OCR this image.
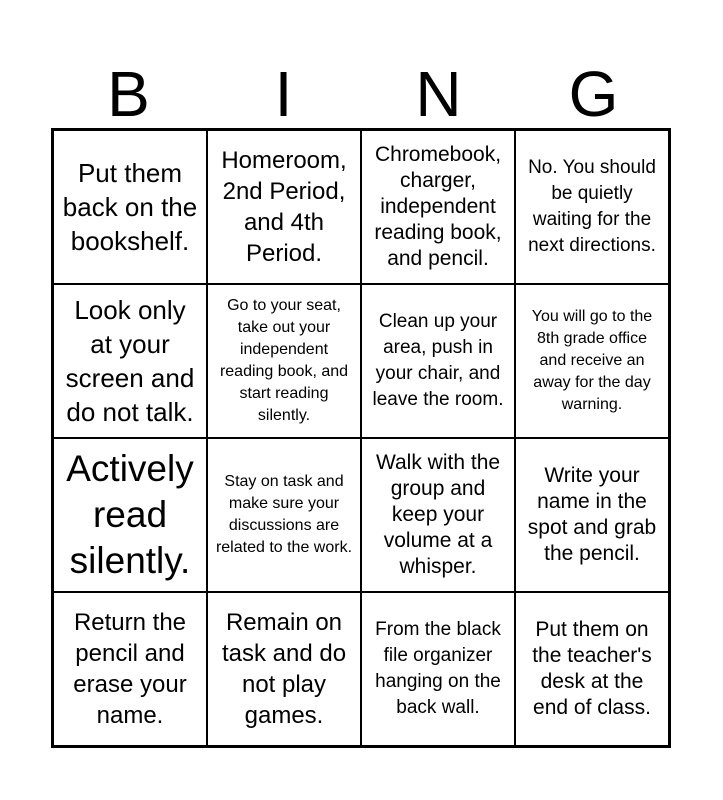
B	I	N	G
Put them back on the bookshelf.
Homeroom, 2nd Period, and 4th Period.
Chromebook, charger, independent reading book, and pencil.
No. You should be quietly waiting for the next directions.
Look only at your screen and do not talk.
Go to your seat, take out your independent reading book, and start reading silently.
Clean up your area, push in your chair, and leave the room.
You will go to the 8th grade office and receive an away for the day warning.
Actively read silently.
Stay on task and make sure your discussions are related to the work.
Walk with the group and keep your volume at a whisper.
Write your name in the spot and grab the pencil.
Return the pencil and erase your name.
Remain on task and do not play games.
From the black file organizer hanging on the back wall.
Put them on the teacher's desk at the end of class.
